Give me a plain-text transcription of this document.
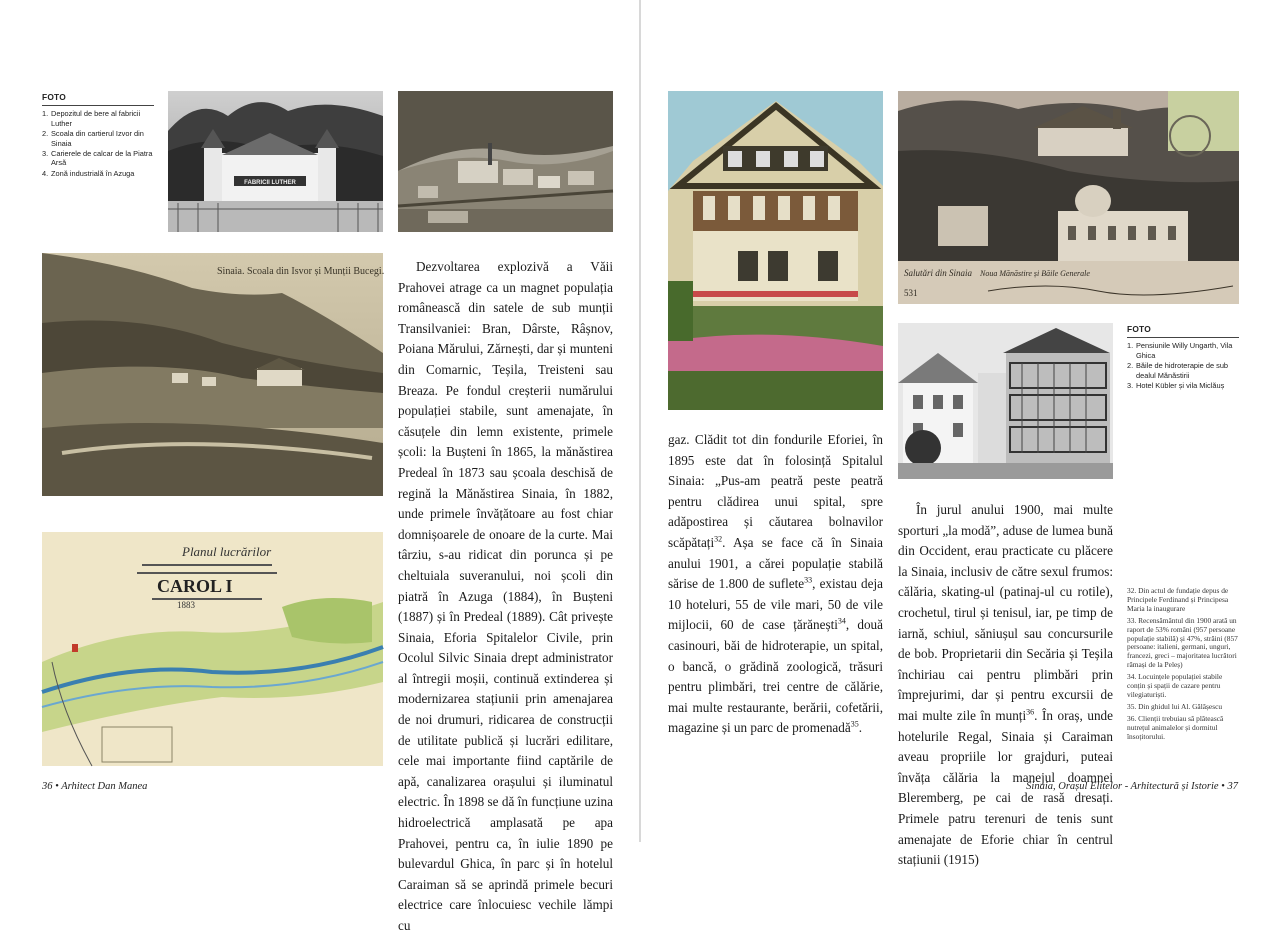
FOTO
1. Depozitul de bere al fabricii Luther
2. Scoala din cartierul Izvor din Sinaia
3. Carierele de calcar de la Piatra Arsă
4. Zonă industrială în Azuga
FABRICII LUTHER
Sinaia. Scoala din Isvor și Munții Bucegi.
Planul lucrărilor
CAROL I
1883

Dezvoltarea explozivă a Văii Prahovei atrage ca un magnet populația românească din satele de sub munții Transilvaniei: Bran, Dârste, Râșnov, Poiana Mărului, Zărnești, dar și munteni din Comarnic, Teșila, Treisteni sau Breaza. Pe fondul creșterii numărului populației stabile, sunt amenajate, în căsuțele din lemn existente, primele școli: la Bușteni în 1865, la mănăstirea Predeal în 1873 sau școala deschisă de regină la Mănăstirea Sinaia, în 1882, unde primele învățătoare au fost chiar domnișoarele de onoare de la curte. Mai târziu, s-au ridicat din porunca și pe cheltuiala suveranului, noi școli din piatră în Azuga (1884), în Bușteni (1887) și în Predeal (1889). Cât privește Sinaia, Eforia Spitalelor Civile, prin Ocolul Silvic Sinaia drept administrator al întregii moșii, continuă extinderea și modernizarea stațiunii prin amenajarea de noi drumuri, ridicarea de construcții de utilitate publică și lucrări edilitare, cele mai importante fiind captările de apă, canalizarea orașului și iluminatul electric. În 1898 se dă în funcțiune uzina hidroelectrică amplasată pe apa Prahovei, pentru ca, în iulie 1890 pe bulevardul Ghica, în parc și în hotelul Caraiman să se aprindă primele becuri electrice care înlocuiesc vechile lămpi cu

36 • Arhitect Dan Manea
Salutări din Sinaia Noua Mănăstire și Băile Generale
531
FOTO
1. Pensiunile Willy Ungarth, Vila Ghica
2. Băile de hidroterapie de sub dealul Mănăstirii
3. Hotel Kübler și vila Miclăuș

gaz. Clădit tot din fondurile Eforiei, în 1895 este dat în folosință Spitalul Sinaia: „Pus-am peatră peste peatră pentru clădirea unui spital, spre adăpostirea și căutarea bolnavilor scăpătați$^{32}$. Așa se face că în Sinaia anului 1901, a cărei populație stabilă sărise de 1.800 de suflete$^{33}$, existau deja 10 hoteluri, 55 de vile mari, 50 de vile mijlocii, 60 de case țărănești$^{34}$, două casinouri, băi de hidroterapie, un spital, o bancă, o grădină zoologică, trăsuri pentru plimbări, trei centre de călărie, mai multe restaurante, berării, cofetării, magazine și un parc de promenadă$^{35}$.

În jurul anului 1900, mai multe sporturi „la modă”, aduse de lumea bună din Occident, erau practicate cu plăcere la Sinaia, inclusiv de către sexul frumos: călăria, skating-ul (patinaj-ul cu rotile), crochetul, tirul și tenisul, iar, pe timp de iarnă, schiul, săniușul sau concursurile de bob. Proprietarii din Secăria și Teșila închiriau cai pentru plimbări prin împrejurimi, dar și pentru excursii de mai multe zile în munți$^{36}$. În oraș, unde hotelurile Regal, Sinaia și Caraiman aveau propriile lor grajduri, puteai învăța călăria la manejul doamnei Bleremberg, pe cai de rasă dresați. Primele patru terenuri de tenis sunt amenajate de Eforie chiar în centrul stațiunii (1915)

32. Din actul de fundație depus de Principele Ferdinand și Principesa Maria la inaugurare
33. Recensământul din 1900 arată un raport de 53% români (957 persoane populație stabilă) și 47%, străini (857 persoane: italieni, germani, unguri, francezi, greci – majoritatea lucrători rămași de la Peleș)
34. Locuințele populației stabile conțin și spații de cazare pentru vilegiaturiști.
35. Din ghidul lui Al. Gălășescu
36. Clienții trebuiau să plătească nutrețul animalelor și dormitul însoțitorului.
Sinaia, Orașul Elitelor - Arhitectură și Istorie • 37
